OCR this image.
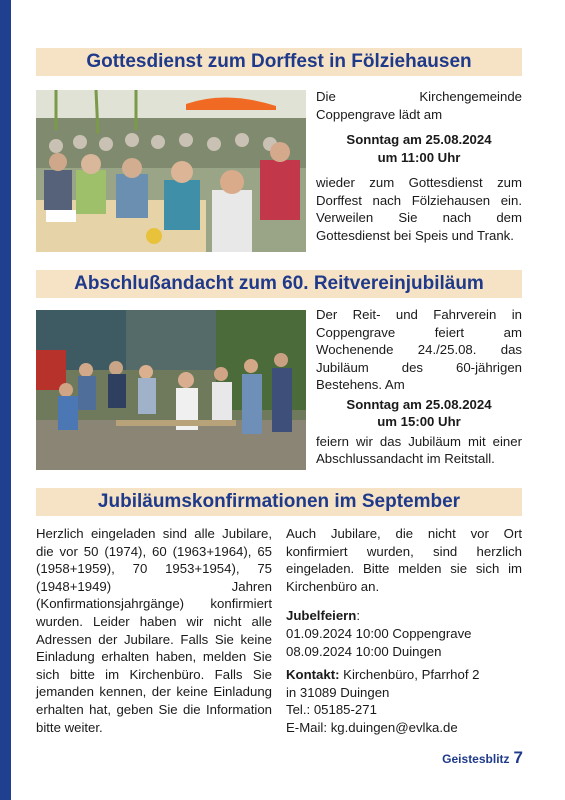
Gottesdienst zum Dorffest in Fölziehausen

Die Kirchengemeinde Coppengrave lädt am

Sonntag am 25.08.2024
um 11:00 Uhr

wieder zum Gottesdienst zum Dorffest nach Fölziehausen ein. Verweilen Sie nach dem Gottesdienst bei Speis und Trank.

Abschlußandacht zum 60. Reitvereinjubiläum

Der Reit- und Fahrverein in Coppengrave feiert am Wochenende 24./25.08. das Jubiläum des 60-jährigen Bestehens. Am

Sonntag am 25.08.2024
um 15:00 Uhr

feiern wir das Jubiläum mit einer Abschlussandacht im Reitstall.

Jubiläumskonfirmationen im September

Herzlich eingeladen sind alle Jubilare, die vor 50 (1974), 60 (1963+1964), 65 (1958+1959), 70 1953+1954), 75 (1948+1949) Jahren (Konfirmationsjahrgänge) konfirmiert wurden. Leider haben wir nicht alle Adressen der Jubilare. Falls Sie keine Einladung erhalten haben, melden Sie sich bitte im Kirchenbüro. Falls Sie jemanden kennen, der keine Einladung erhalten hat, geben Sie die Information bitte weiter.

Auch Jubilare, die nicht vor Ort konfirmiert wurden, sind herzlich eingeladen. Bitte melden sie sich im Kirchenbüro an.

Jubelfeiern:

01.09.2024 10:00 Coppengrave

08.09.2024 10:00 Duingen

Kontakt: Kirchenbüro, Pfarrhof 2

in 31089 Duingen

Tel.: 05185-271

E-Mail: kg.duingen@evlka.de

Geistesblitz 7
